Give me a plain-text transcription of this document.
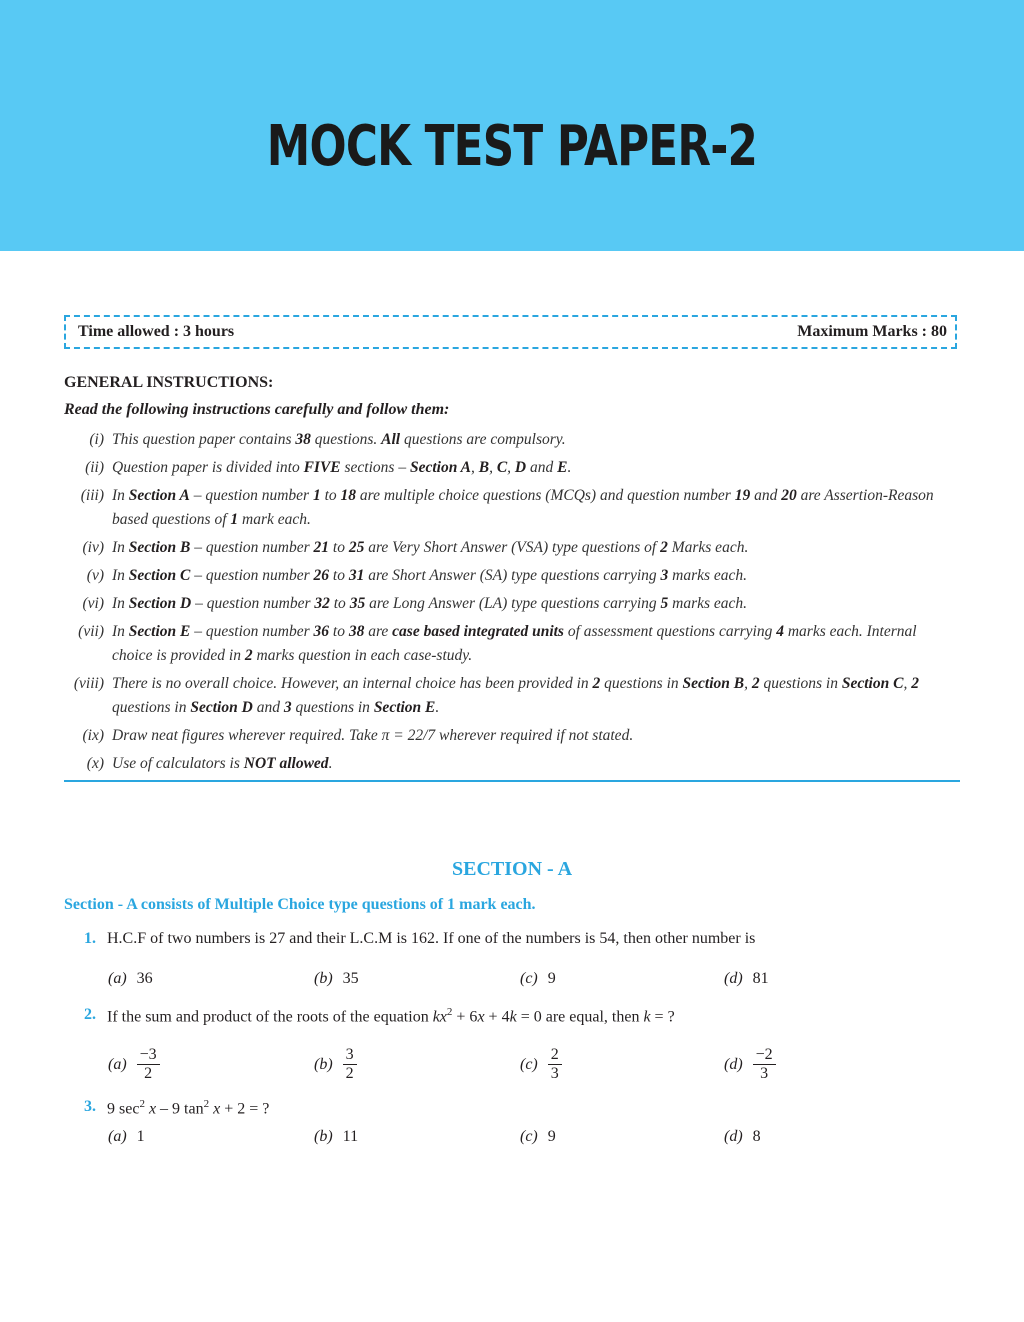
MOCK TEST PAPER-2
Time allowed : 3 hours	Maximum Marks : 80
GENERAL INSTRUCTIONS:
Read the following instructions carefully and follow them:
(i) This question paper contains 38 questions. All questions are compulsory.
(ii) Question paper is divided into FIVE sections – Section A, B, C, D and E.
(iii) In Section A – question number 1 to 18 are multiple choice questions (MCQs) and question number 19 and 20 are Assertion-Reason based questions of 1 mark each.
(iv) In Section B – question number 21 to 25 are Very Short Answer (VSA) type questions of 2 Marks each.
(v) In Section C – question number 26 to 31 are Short Answer (SA) type questions carrying 3 marks each.
(vi) In Section D – question number 32 to 35 are Long Answer (LA) type questions carrying 5 marks each.
(vii) In Section E – question number 36 to 38 are case based integrated units of assessment questions carrying 4 marks each. Internal choice is provided in 2 marks question in each case-study.
(viii) There is no overall choice. However, an internal choice has been provided in 2 questions in Section B, 2 questions in Section C, 2 questions in Section D and 3 questions in Section E.
(ix) Draw neat figures wherever required. Take π = 22/7 wherever required if not stated.
(x) Use of calculators is NOT allowed.
SECTION - A
Section - A consists of Multiple Choice type questions of 1 mark each.
1. H.C.F of two numbers is 27 and their L.C.M is 162. If one of the numbers is 54, then other number is
(a) 36	(b) 35	(c) 9	(d) 81
2. If the sum and product of the roots of the equation $kx^2 + 6x + 4k = 0$ are equal, then k = ?
$(a) \frac{-3}{2}$	$(b) \frac{3}{2}$	$(c) \frac{2}{3}$	$(d) \frac{-2}{3}$
3. 9 $\sec^2 x - 9$ $\tan^2 x + 2$ = ?
(a) 1	(b) 11	(c) 9	(d) 8
